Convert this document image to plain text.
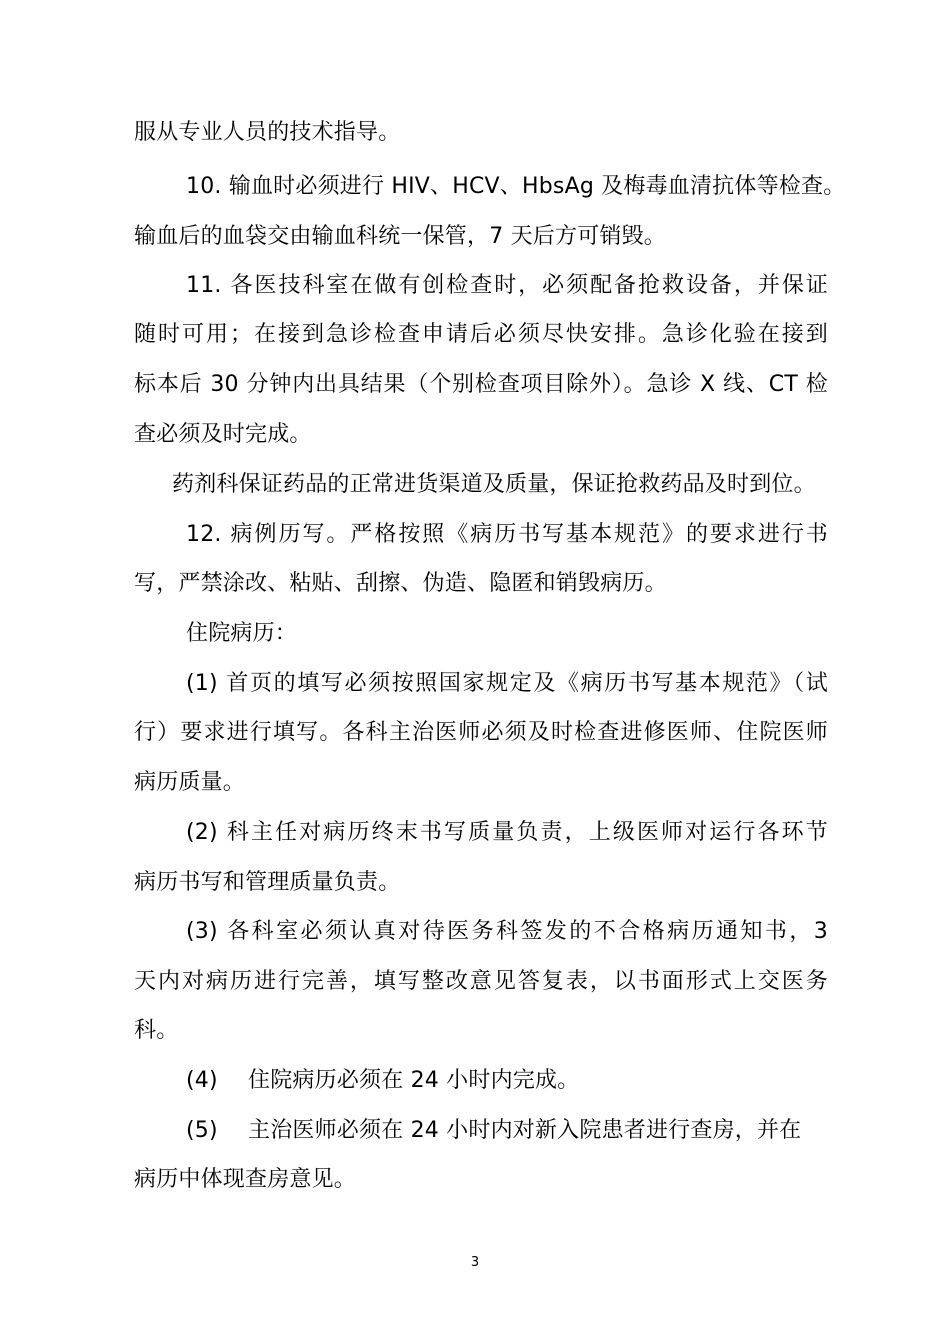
服从专业人员的技术指导。
10. 输血时必须进行 HIV、HCV、HbsAg 及梅毒血清抗体等检查。
输血后的血袋交由输血科统一保管，7 天后方可销毁。
11. 各医技科室在做有创检查时，必须配备抢救设备，并保证
随时可用；在接到急诊检查申请后必须尽快安排。急诊化验在接到
标本后 30 分钟内出具结果（个别检查项目除外）。急诊 X 线、CT 检
查必须及时完成。
药剂科保证药品的正常进货渠道及质量，保证抢救药品及时到位。
12. 病例历写。严格按照《病历书写基本规范》的要求进行书
写，严禁涂改、粘贴、刮擦、伪造、隐匿和销毁病历。
住院病历：
(1) 首页的填写必须按照国家规定及《病历书写基本规范》（试
行）要求进行填写。各科主治医师必须及时检查进修医师、住院医师
病历质量。
(2) 科主任对病历终末书写质量负责，上级医师对运行各环节
病历书写和管理质量负责。
(3) 各科室必须认真对待医务科签发的不合格病历通知书，3
天内对病历进行完善，填写整改意见答复表，以书面形式上交医务
科。
(4) 住院病历必须在 24 小时内完成。
(5) 主治医师必须在 24 小时内对新入院患者进行查房，并在
病历中体现查房意见。
3
